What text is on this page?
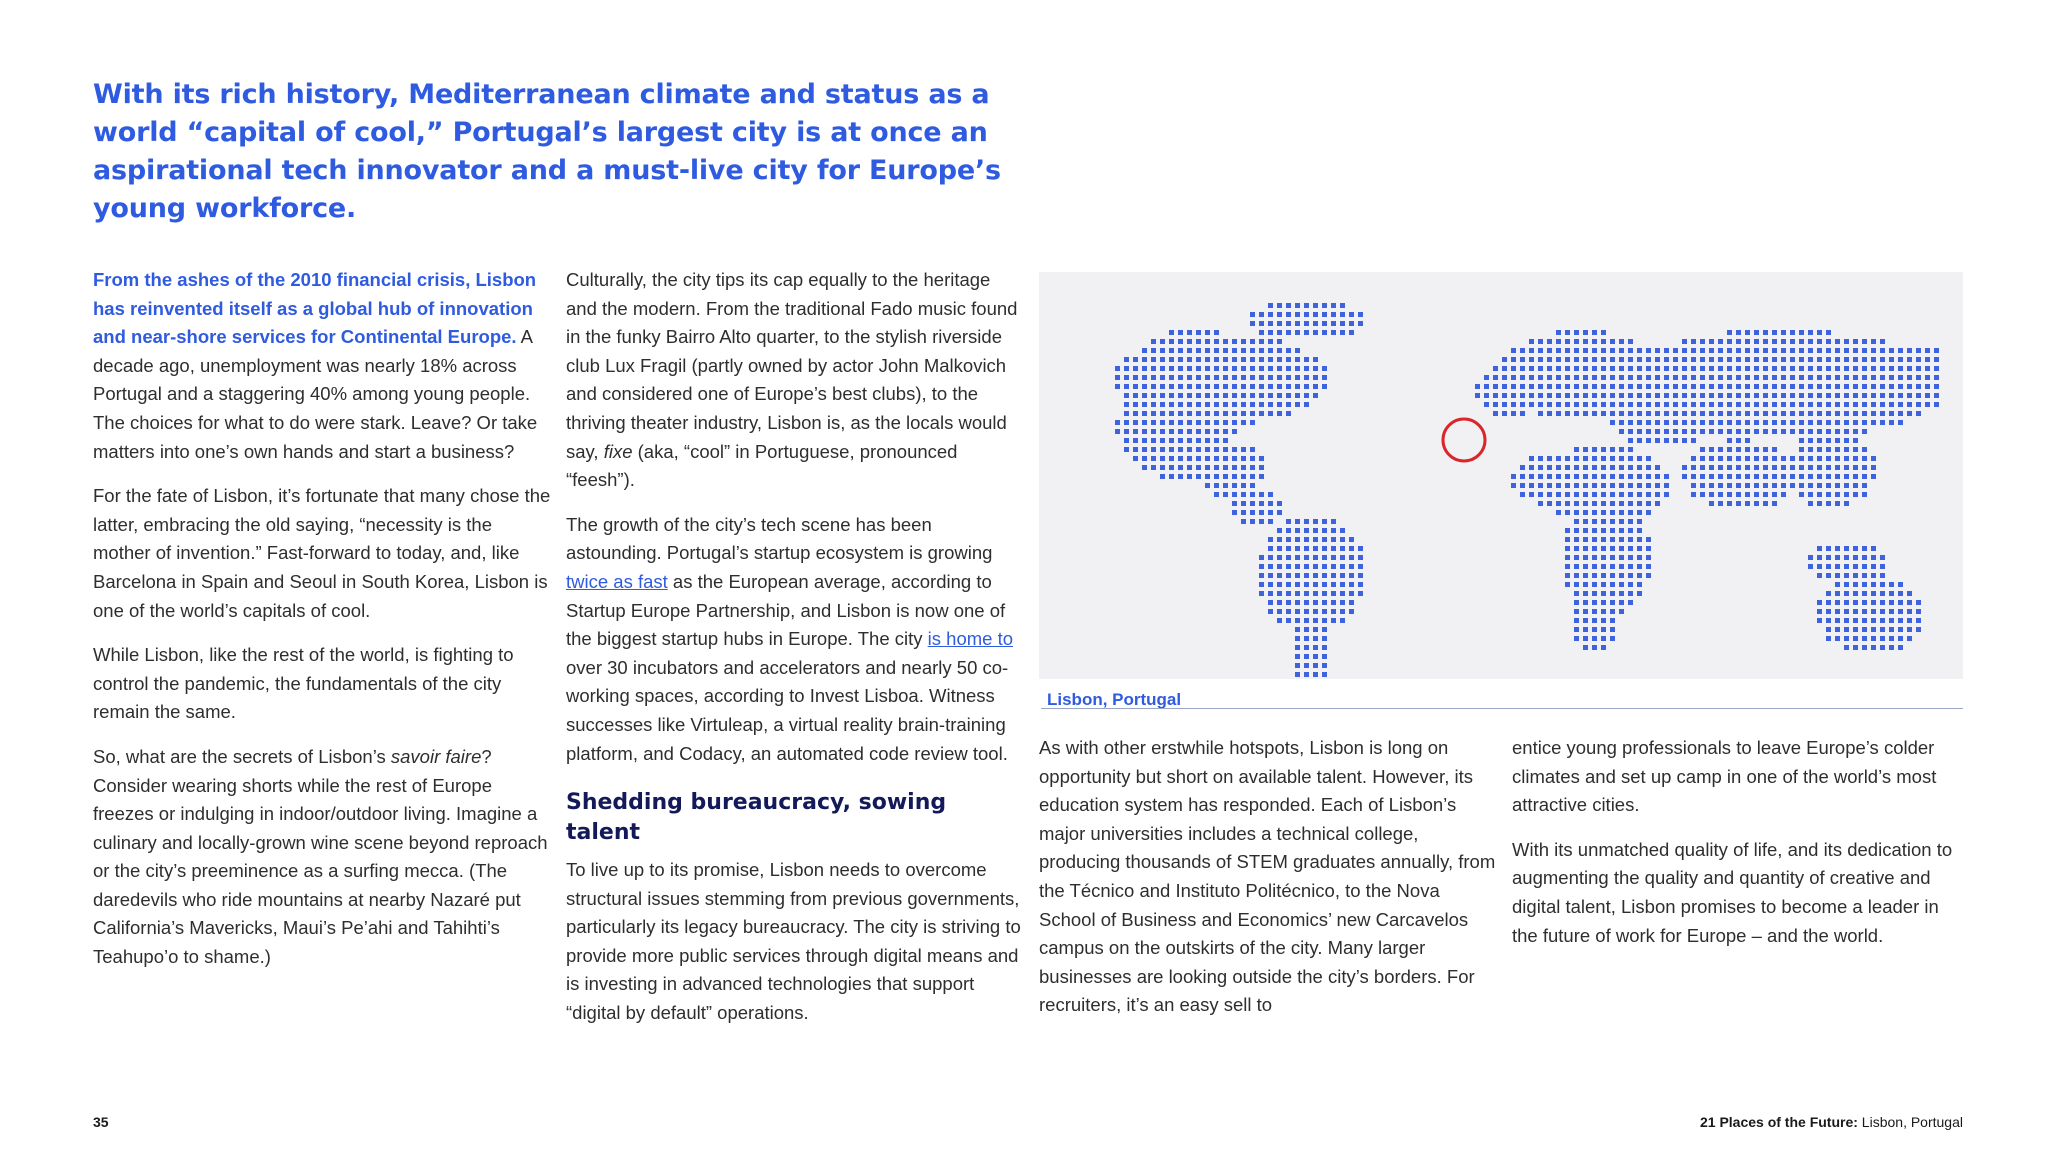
With its rich history, Mediterranean climate and status as a world “capital of cool,” Portugal’s largest city is at once an aspirational tech innovator and a must-live city for Europe’s young workforce.

From the ashes of the 2010 financial crisis, Lisbon has reinvented itself as a global hub of innovation and near-shore services for Continental Europe. A decade ago, unemployment was nearly 18% across Portugal and a staggering 40% among young people. The choices for what to do were stark. Leave? Or take matters into one’s own hands and start a business?

For the fate of Lisbon, it’s fortunate that many chose the latter, embracing the old saying, “necessity is the mother of invention.” Fast-forward to today, and, like Barcelona in Spain and Seoul in South Korea, Lisbon is one of the world’s capitals of cool.

While Lisbon, like the rest of the world, is fighting to control the pandemic, the fundamentals of the city remain the same.

So, what are the secrets of Lisbon’s savoir faire? Consider wearing shorts while the rest of Europe freezes or indulging in indoor/outdoor living. Imagine a culinary and locally-grown wine scene beyond reproach or the city’s preeminence as a surfing mecca. (The daredevils who ride mountains at nearby Nazaré put California’s Mavericks, Maui’s Pe’ahi and Tahihti’s Teahupo’o to shame.)

Culturally, the city tips its cap equally to the heritage and the modern. From the traditional Fado music found in the funky Bairro Alto quarter, to the stylish riverside club Lux Fragil (partly owned by actor John Malkovich and considered one of Europe’s best clubs), to the thriving theater industry, Lisbon is, as the locals would say, fixe (aka, “cool” in Portuguese, pronounced “feesh”).

The growth of the city’s tech scene has been astounding. Portugal’s startup ecosystem is growing twice as fast as the European average, according to Startup Europe Partnership, and Lisbon is now one of the biggest startup hubs in Europe. The city is home to over 30 incubators and accelerators and nearly 50 co-working spaces, according to Invest Lisboa. Witness successes like Virtuleap, a virtual reality brain-training platform, and Codacy, an automated code review tool.

Shedding bureaucracy, sowing talent

To live up to its promise, Lisbon needs to overcome structural issues stemming from previous governments, particularly its legacy bureaucracy. The city is striving to provide more public services through digital means and is investing in advanced technologies that support “digital by default” operations.

Lisbon, Portugal

As with other erstwhile hotspots, Lisbon is long on opportunity but short on available talent. However, its education system has responded. Each of Lisbon’s major universities includes a technical college, producing thousands of STEM graduates annually, from the Técnico and Instituto Politécnico, to the Nova School of Business and Economics’ new Carcavelos campus on the outskirts of the city. Many larger businesses are looking outside the city’s borders. For recruiters, it’s an easy sell to

entice young professionals to leave Europe’s colder climates and set up camp in one of the world’s most attractive cities.

With its unmatched quality of life, and its dedication to augmenting the quality and quantity of creative and digital talent, Lisbon promises to become a leader in the future of work for Europe – and the world.

35	21 Places of the Future: Lisbon, Portugal
